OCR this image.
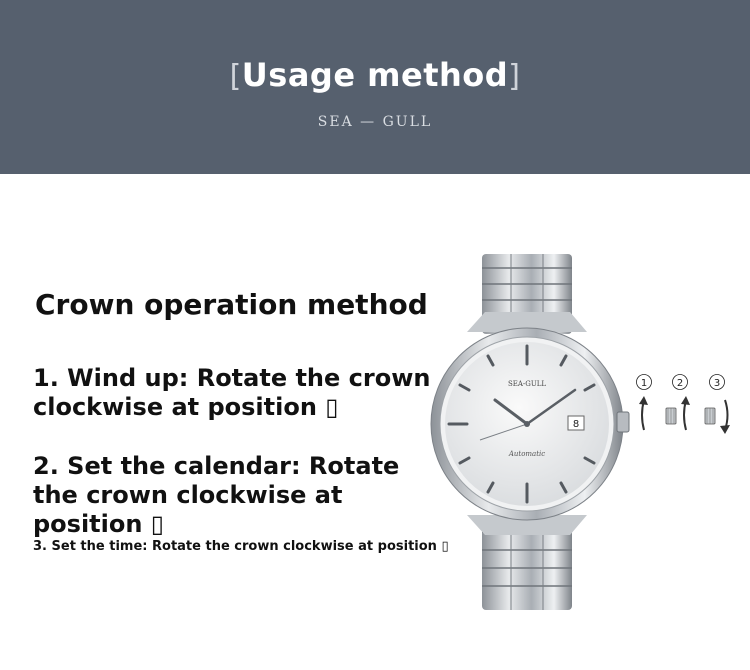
[Usage method]
SEA — GULL
Crown operation method
1. Wind up: Rotate the crown clockwise at position ▯
2. Set the calendar: Rotate the crown clockwise at position ▯
3. Set the time: Rotate the crown clockwise at position ▯
8
SEA-GULL
Automatic
1	2	3
